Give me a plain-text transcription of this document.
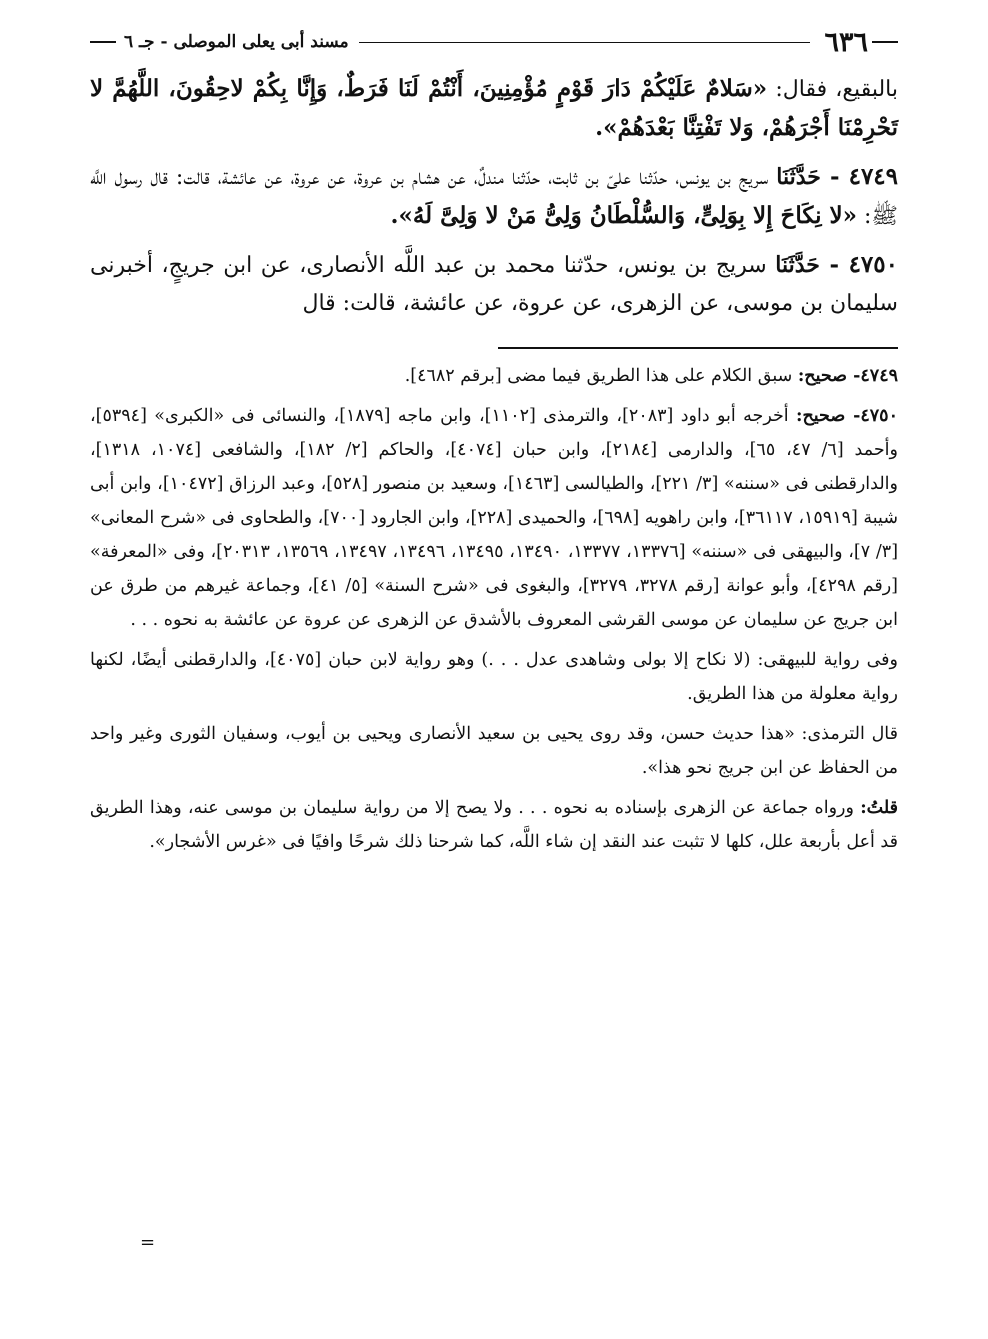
٦٣٦
مسند أبى يعلى الموصلى - جـ ٦

بالبقيع، فقال: «سَلامٌ عَلَيْكُمْ دَارَ قَوْمٍ مُؤْمِنِينَ، أَنْتُمْ لَنَا فَرَطٌ، وَإِنَّا بِكُمْ لاحِقُونَ، اللَّهُمَّ لا تَحْرِمْنَا أَجْرَهُمْ، وَلا تَفْتِنَّا بَعْدَهُمْ».

٤٧٤٩ - حَدَّثَنَا سريج بن يونس، حدّثنا علىّ بن ثابت، حدّثنا مندلٌ، عن هشام بن عروة، عن عروة، عن عائشة، قالت: قال رسول اللَّه ﷺ: «لا نِكَاحَ إِلا بِوَلِىٍّ، وَالسُّلْطَانُ وَلِىُّ مَنْ لا وَلِىَّ لَهُ».

٤٧٥٠ - حَدَّثَنَا سريج بن يونس، حدّثنا محمد بن عبد اللَّه الأنصارى، عن ابن جريجٍ، أخبرنى سليمان بن موسى، عن الزهرى، عن عروة، عن عائشة، قالت: قال

٤٧٤٩- صحيح: سبق الكلام على هذا الطريق فيما مضى [برقم ٤٦٨٢].

٤٧٥٠- صحيح: أخرجه أبو داود [٢٠٨٣]، والترمذى [١١٠٢]، وابن ماجه [١٨٧٩]، والنسائى فى «الكبرى» [٥٣٩٤]، وأحمد [٦/ ٤٧، ٦٥]، والدارمى [٢١٨٤]، وابن حبان [٤٠٧٤]، والحاكم [٢/ ١٨٢]، والشافعى [١٠٧٤، ١٣١٨]، والدارقطنى فى «سننه» [٣/ ٢٢١]، والطيالسى [١٤٦٣]، وسعيد بن منصور [٥٢٨]، وعبد الرزاق [١٠٤٧٢]، وابن أبى شيبة [١٥٩١٩، ٣٦١١٧]، وابن راهويه [٦٩٨]، والحميدى [٢٢٨]، وابن الجارود [٧٠٠]، والطحاوى فى «شرح المعانى» [٣/ ٧]، والبيهقى فى «سننه» [١٣٣٧٦، ١٣٣٧٧، ١٣٤٩٠، ١٣٤٩٥، ١٣٤٩٦، ١٣٤٩٧، ١٣٥٦٩، ٢٠٣١٣]، وفى «المعرفة» [رقم ٤٢٩٨]، وأبو عوانة [رقم ٣٢٧٨، ٣٢٧٩]، والبغوى فى «شرح السنة» [٥/ ٤١]، وجماعة غيرهم من طرق عن ابن جريج عن سليمان عن موسى القرشى المعروف بالأشدق عن الزهرى عن عروة عن عائشة به نحوه . . .

وفى رواية للبيهقى: (لا نكاح إلا بولى وشاهدى عدل . . .) وهو رواية لابن حبان [٤٠٧٥]، والدارقطنى أيضًا، لكنها رواية معلولة من هذا الطريق.

قال الترمذى: «هذا حديث حسن، وقد روى يحيى بن سعيد الأنصارى ويحيى بن أيوب، وسفيان الثورى وغير واحد من الحفاظ عن ابن جريج نحو هذا».

قلتُ: ورواه جماعة عن الزهرى بإسناده به نحوه . . . ولا يصح إلا من رواية سليمان بن موسى عنه، وهذا الطريق قد أعل بأربعة علل، كلها لا تثبت عند النقد إن شاء اللَّه، كما شرحنا ذلك شرحًا وافيًا فى «غرس الأشجار».

=
